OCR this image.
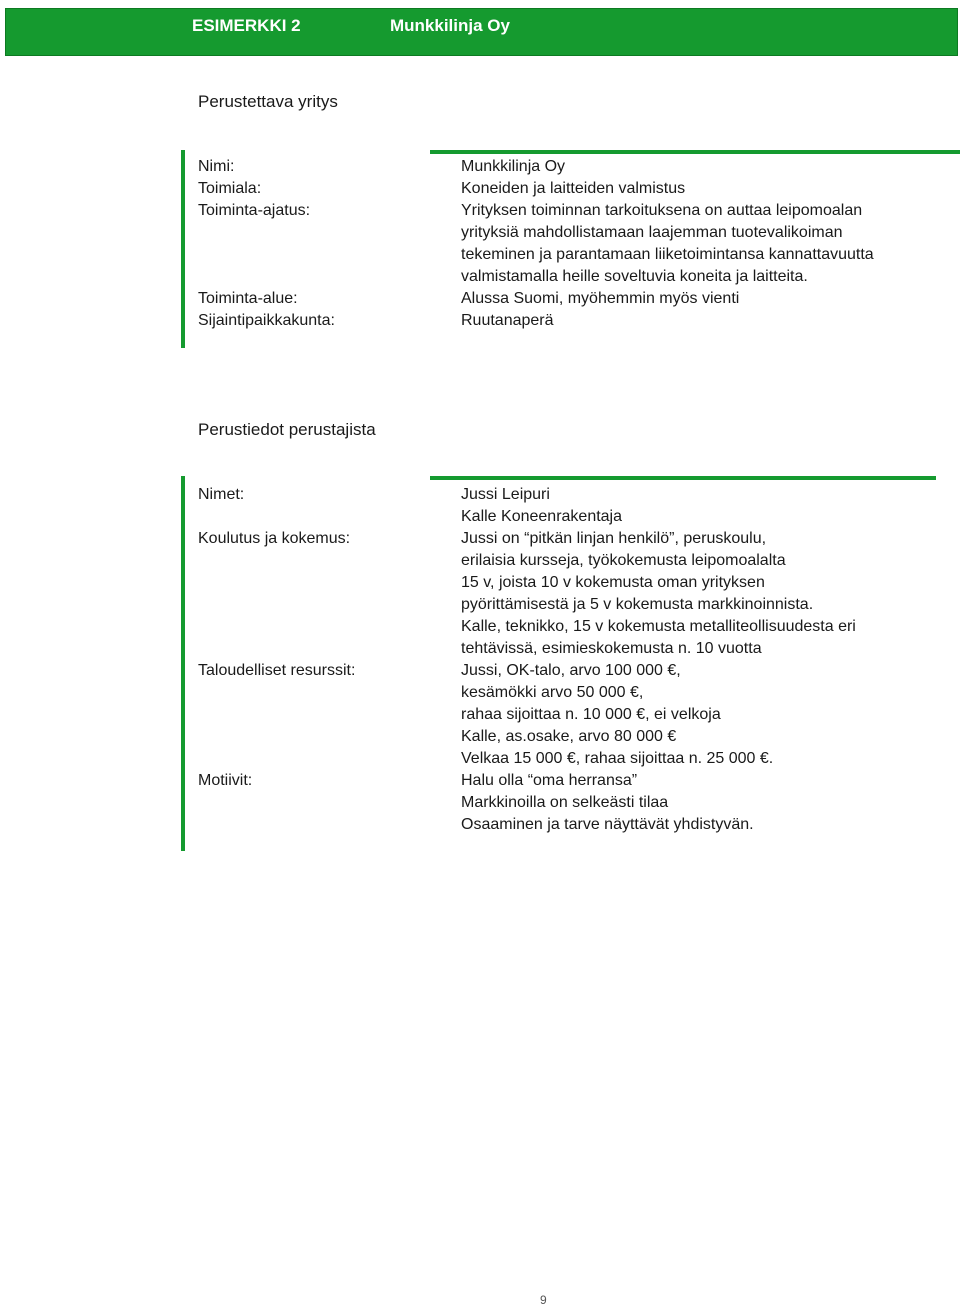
ESIMERKKI 2	Munkkilinja Oy
Perustettava yritys
Nimi:	Munkkilinja Oy
Toimiala:	Koneiden ja laitteiden valmistus
Toiminta-ajatus:	Yrityksen toiminnan tarkoituksena on auttaa leipomoalan
yrityksiä mahdollistamaan laajemman tuotevalikoiman
tekeminen ja parantamaan liiketoimintansa kannattavuutta
valmistamalla heille soveltuvia koneita ja laitteita.
Toiminta-alue:	Alussa Suomi, myöhemmin myös vienti
Sijaintipaikkakunta:	Ruutanaperä
Perustiedot perustajista
Nimet:	Jussi Leipuri
Kalle Koneenrakentaja
Koulutus ja kokemus:	Jussi on “pitkän linjan henkilö”, peruskoulu,
erilaisia kursseja, työkokemusta leipomoalalta
15 v, joista 10 v kokemusta oman yrityksen
pyörittämisestä ja 5 v kokemusta markkinoinnista.
Kalle, teknikko, 15 v kokemusta metalliteollisuudesta eri
tehtävissä, esimieskokemusta n. 10 vuotta
Taloudelliset resurssit:	Jussi, OK-talo, arvo 100 000 €,
kesämökki arvo 50 000 €,
rahaa sijoittaa n. 10 000 €, ei velkoja
Kalle, as.osake, arvo 80 000 €
Velkaa 15 000 €, rahaa sijoittaa n. 25 000 €.
Motiivit:	Halu olla “oma herransa”
Markkinoilla on selkeästi tilaa
Osaaminen ja tarve näyttävät yhdistyvän.
9
